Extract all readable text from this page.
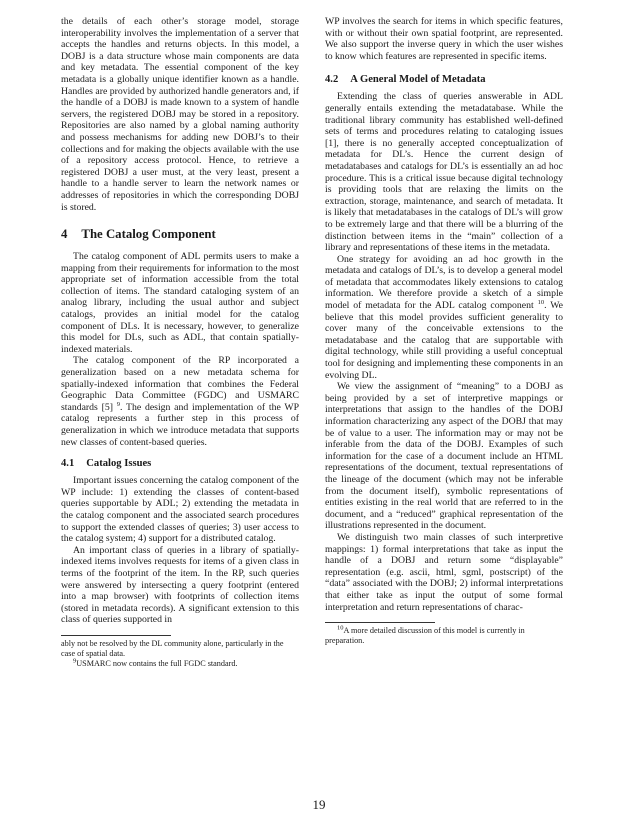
the details of each other’s storage model, storage interoperability involves the implementation of a server that accepts the handles and returns objects. In this model, a DOBJ is a data structure whose main components are data and key metadata. The essential component of the key metadata is a globally unique identifier known as a handle. Handles are provided by authorized handle generators and, if the handle of a DOBJ is made known to a system of handle servers, the registered DOBJ may be stored in a repository. Repositories are also named by a global naming authority and possess mechanisms for adding new DOBJ’s to their collections and for making the objects available with the use of a repository access protocol. Hence, to retrieve a registered DOBJ a user must, at the very least, present a handle to a handle server to learn the network names or addresses of repositories in which the corresponding DOBJ is stored.

4 The Catalog Component

The catalog component of ADL permits users to make a mapping from their requirements for information to the most appropriate set of information accessible from the total collection of items. The standard cataloging system of an analog library, including the usual author and subject catalogs, provides an initial model for the catalog component of DLs. It is necessary, however, to generalize this model for DLs, such as ADL, that contain spatially-indexed materials.

The catalog component of the RP incorporated a generalization based on a new metadata schema for spatially-indexed information that combines the Federal Geographic Data Committee (FGDC) and USMARC standards [5] $^9$. The design and implementation of the WP catalog represents a further step in this process of generalization in which we introduce metadata that supports new classes of content-based queries.

4.1 Catalog Issues

Important issues concerning the catalog component of the WP include: 1) extending the classes of content-based queries supportable by ADL; 2) extending the metadata in the catalog component and the associated search procedures to support the extended classes of queries; 3) user access to the catalog system; 4) support for a distributed catalog.

An important class of queries in a library of spatially-indexed items involves requests for items of a given class in terms of the footprint of the item. In the RP, such queries were answered by intersecting a query footprint (entered into a map browser) with footprints of collection items (stored in metadata records). A significant extension to this class of queries supported in

ably not be resolved by the DL community alone, particularly in the case of spatial data.

$^9$USMARC now contains the full FGDC standard.

WP involves the search for items in which specific features, with or without their own spatial footprint, are represented. We also support the inverse query in which the user wishes to know which features are represented in specific items.

4.2 A General Model of Metadata

Extending the class of queries answerable in ADL generally entails extending the metadatabase. While the traditional library community has established well-defined sets of terms and procedures relating to cataloging issues [1], there is no generally accepted conceptualization of metadata for DL’s. Hence the current design of metadatabases and catalogs for DL’s is essentially an ad hoc procedure. This is a critical issue because digital technology is providing tools that are relaxing the limits on the extraction, storage, maintenance, and search of metadata. It is likely that metadatabases in the catalogs of DL’s will grow to be extremely large and that there will be a blurring of the distinction between items in the “main” collection of a library and representations of these items in the metadata.

One strategy for avoiding an ad hoc growth in the metadata and catalogs of DL’s, is to develop a general model of metadata that accommodates likely extensions to catalog information. We therefore provide a sketch of a simple model of metadata for the ADL catalog component $^{10}$. We believe that this model provides sufficient generality to cover many of the conceivable extensions to the metadatabase and the catalog that are supportable with digital technology, while still providing a useful conceptual tool for designing and implementing these components in an evolving DL.

We view the assignment of “meaning” to a DOBJ as being provided by a set of interpretive mappings or interpretations that assign to the handles of the DOBJ information characterizing any aspect of the DOBJ that may be of value to a user. The information may or may not be inferable from the data of the DOBJ. Examples of such information for the case of a document include an HTML representations of the document, textual representations of the lineage of the document (which may not be inferable from the document itself), symbolic representations of entities existing in the real world that are referred to in the document, and a “reduced” graphical representation of the illustrations represented in the document.

We distinguish two main classes of such interpretive mappings: 1) formal interpretations that take as input the handle of a DOBJ and return some “displayable” representation (e.g. ascii, html, sgml, postscript) of the “data” associated with the DOBJ; 2) informal interpretations that either take as input the output of some formal interpretation and return representations of charac-

$^{10}$A more detailed discussion of this model is currently in preparation.

19
